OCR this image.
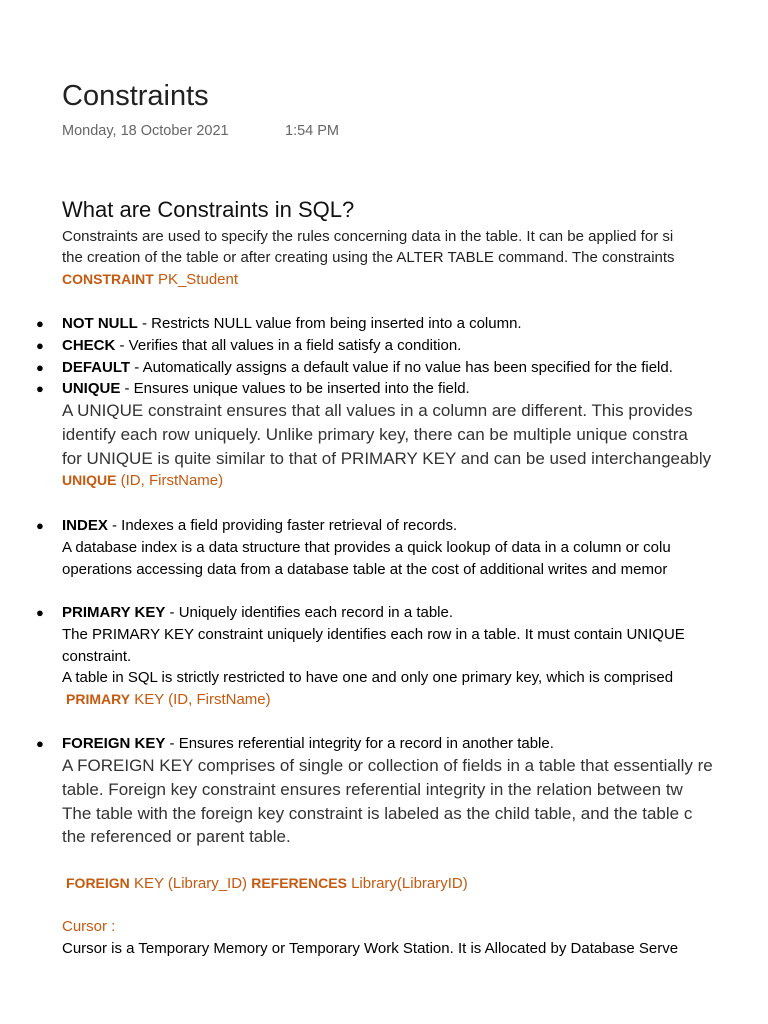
Constraints
Monday, 18 October 2021	1:54 PM
What are Constraints in SQL?
Constraints are used to specify the rules concerning data in the table. It can be applied for si
the creation of the table or after creating using the ALTER TABLE command. The constraints
CONSTRAINT PK_Student
● NOT NULL - Restricts NULL value from being inserted into a column.
● CHECK - Verifies that all values in a field satisfy a condition.
● DEFAULT - Automatically assigns a default value if no value has been specified for the field.
● UNIQUE - Ensures unique values to be inserted into the field.
A UNIQUE constraint ensures that all values in a column are different. This provides
identify each row uniquely. Unlike primary key, there can be multiple unique constra
for UNIQUE is quite similar to that of PRIMARY KEY and can be used interchangeably
UNIQUE (ID, FirstName)
● INDEX - Indexes a field providing faster retrieval of records.
A database index is a data structure that provides a quick lookup of data in a column or colu
operations accessing data from a database table at the cost of additional writes and memor
● PRIMARY KEY - Uniquely identifies each record in a table.
The PRIMARY KEY constraint uniquely identifies each row in a table. It must contain UNIQUE
constraint.
A table in SQL is strictly restricted to have one and only one primary key, which is comprised
PRIMARY KEY (ID, FirstName)
● FOREIGN KEY - Ensures referential integrity for a record in another table.
A FOREIGN KEY comprises of single or collection of fields in a table that essentially re
table. Foreign key constraint ensures referential integrity in the relation between tw
The table with the foreign key constraint is labeled as the child table, and the table c
the referenced or parent table.
FOREIGN KEY (Library_ID) REFERENCES Library(LibraryID)
Cursor :
Cursor is a Temporary Memory or Temporary Work Station. It is Allocated by Database Serve
